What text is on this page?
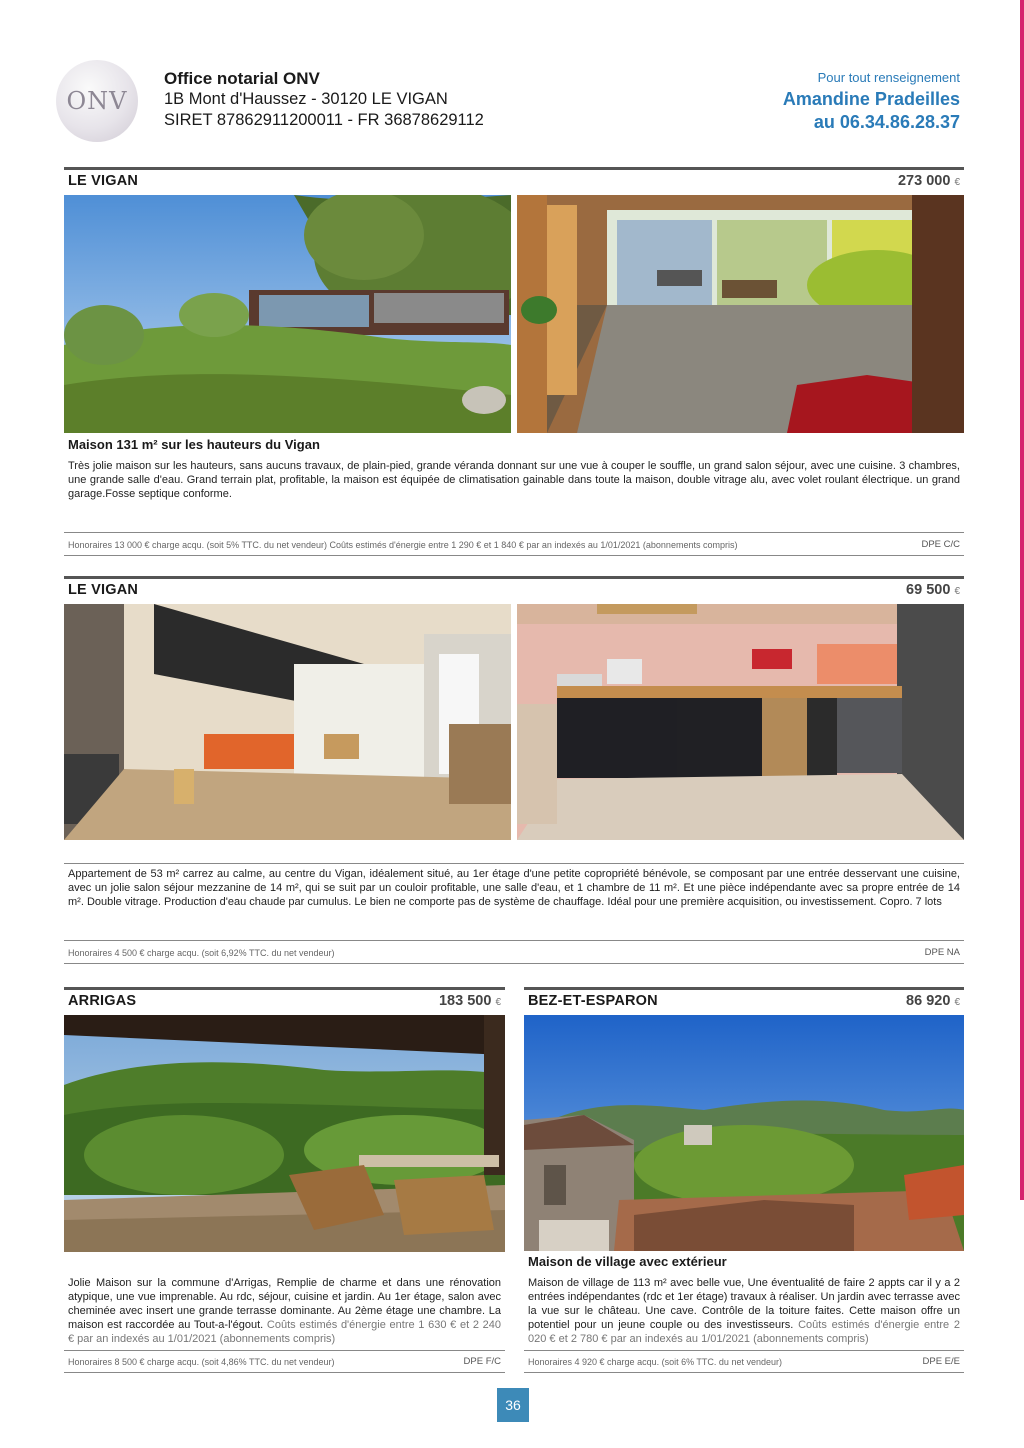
ONV
Office notarial ONV
1B Mont d'Haussez - 30120 LE VIGAN
SIRET 87862911200011 - FR 36878629112
Pour tout renseignement
Amandine Pradeilles
au 06.34.86.28.37
LE VIGAN	273 000 €
Maison 131 m² sur les hauteurs du Vigan
Très jolie maison sur les hauteurs, sans aucuns travaux, de plain-pied, grande véranda donnant sur une vue à couper le souffle, un grand salon séjour, avec une cuisine. 3 chambres, une grande salle d'eau. Grand terrain plat, profitable, la maison est équipée de climatisation gainable dans toute la maison, double vitrage alu, avec volet roulant électrique. un grand garage.Fosse septique conforme.
Honoraires 13 000 € charge acqu. (soit 5% TTC. du net vendeur) Coûts estimés d'énergie entre 1 290 € et 1 840 € par an indexés au 1/01/2021 (abonnements compris)	DPE C/C
LE VIGAN	69 500 €
Appartement de 53 m² carrez au calme, au centre du Vigan, idéalement situé, au 1er étage d'une petite copropriété bénévole, se composant par une entrée desservant une cuisine, avec un jolie salon séjour mezzanine de 14 m², qui se suit par un couloir profitable, une salle d'eau, et 1 chambre de 11 m². Et une pièce indépendante avec sa propre entrée de 14 m². Double vitrage. Production d'eau chaude par cumulus. Le bien ne comporte pas de système de chauffage. Idéal pour une première acquisition, ou investissement. Copro. 7 lots
Honoraires 4 500 € charge acqu. (soit 6,92% TTC. du net vendeur)	DPE NA
ARRIGAS	183 500 €
Jolie Maison sur la commune d'Arrigas, Remplie de charme et dans une rénovation atypique, une vue imprenable. Au rdc, séjour, cuisine et jardin. Au 1er étage, salon avec cheminée avec insert une grande terrasse dominante. Au 2ème étage une chambre. La maison est raccordée au Tout-a-l'égout. Coûts estimés d'énergie entre 1 630 € et 2 240 € par an indexés au 1/01/2021 (abonnements compris)
Honoraires 8 500 € charge acqu. (soit 4,86% TTC. du net vendeur)	DPE F/C
BEZ-ET-ESPARON	86 920 €
Maison de village avec extérieur
Maison de village de 113 m² avec belle vue, Une éventualité de faire 2 appts car il y a 2 entrées indépendantes (rdc et 1er étage) travaux à réaliser. Un jardin avec terrasse avec la vue sur le château. Une cave. Contrôle de la toiture faites. Cette maison offre un potentiel pour un jeune couple ou des investisseurs. Coûts estimés d'énergie entre 2 020 € et 2 780 € par an indexés au 1/01/2021 (abonnements compris)
Honoraires 4 920 € charge acqu. (soit 6% TTC. du net vendeur)	DPE E/E
36
